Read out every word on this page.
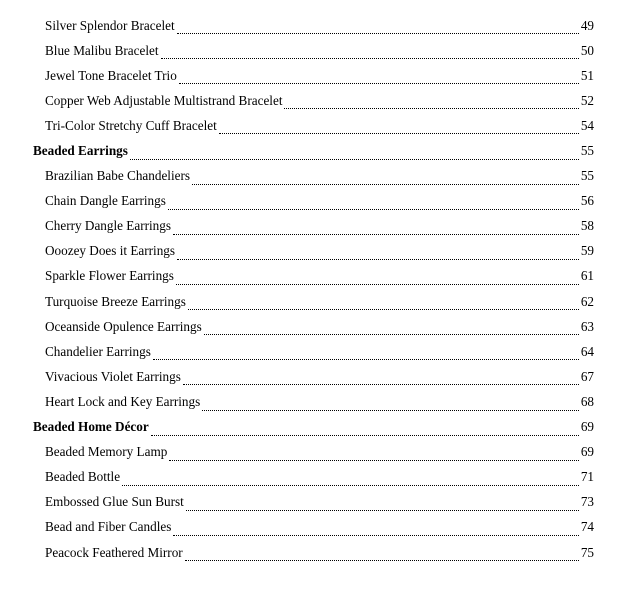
Silver Splendor Bracelet	49
Blue Malibu Bracelet	50
Jewel Tone Bracelet Trio	51
Copper Web Adjustable Multistrand Bracelet	52
Tri-Color Stretchy Cuff Bracelet	54
Beaded Earrings	55
Brazilian Babe Chandeliers	55
Chain Dangle Earrings	56
Cherry Dangle Earrings	58
Ooozey Does it Earrings	59
Sparkle Flower Earrings	61
Turquoise Breeze Earrings	62
Oceanside Opulence Earrings	63
Chandelier Earrings	64
Vivacious Violet Earrings	67
Heart Lock and Key Earrings	68
Beaded Home Décor	69
Beaded Memory Lamp	69
Beaded Bottle	71
Embossed Glue Sun Burst	73
Bead and Fiber Candles	74
Peacock Feathered Mirror	75
